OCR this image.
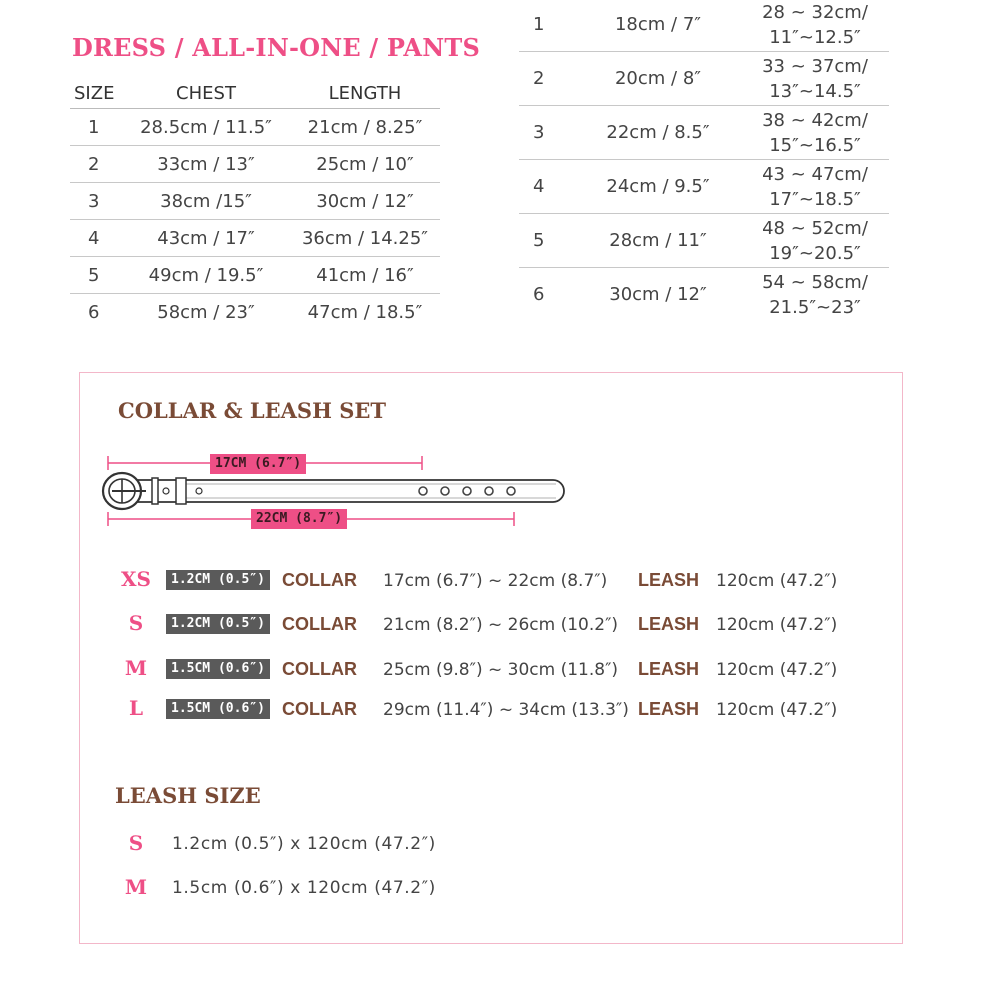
DRESS / ALL-IN-ONE / PANTS
SIZE	CHEST	LENGTH
1	28.5cm / 11.5″	21cm / 8.25″
2	33cm / 13″	25cm / 10″
3	38cm /15″	30cm / 12″
4	43cm / 17″	36cm / 14.25″
5	49cm / 19.5″	41cm / 16″
6	58cm / 23″	47cm / 18.5″
1	18cm / 7″	28 ~ 32cm/
11″~12.5″

2	20cm / 8″	33 ~ 37cm/
13″~14.5″

3	22cm / 8.5″	38 ~ 42cm/
15″~16.5″

4	24cm / 9.5″	43 ~ 47cm/
17″~18.5″

5	28cm / 11″	48 ~ 52cm/
19″~20.5″

6	30cm / 12″	54 ~ 58cm/
21.5″~23″
COLLAR & LEASH SET
17CM (6.7″)
22CM (8.7″)
XS	1.2CM (0.5″) COLLAR 17cm (6.7″) ~ 22cm (8.7″) LEASH 120cm (47.2″)
S	1.2CM (0.5″) COLLAR 21cm (8.2″) ~ 26cm (10.2″) LEASH 120cm (47.2″)
M	1.5CM (0.6″) COLLAR 25cm (9.8″) ~ 30cm (11.8″) LEASH 120cm (47.2″)
L	1.5CM (0.6″) COLLAR 29cm (11.4″) ~ 34cm (13.3″) LEASH 120cm (47.2″)
LEASH SIZE
S	1.2cm (0.5″) x 120cm (47.2″)
M	1.5cm (0.6″) x 120cm (47.2″)
